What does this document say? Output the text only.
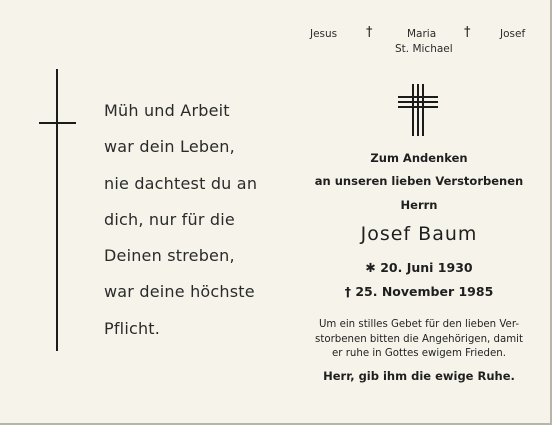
Müh und Arbeit
war dein Leben,
nie dachtest du an
dich, nur für die
Deinen streben,
war deine höchste
Pflicht.
Jesus †	Maria
St. Michael
†	Josef
Zum Andenken
an unseren lieben Verstorbenen
Herrn
Josef Baum
✱ 20. Juni 1930
† 25. November 1985
Um ein stilles Gebet für den lieben Ver-
storbenen bitten die Angehörigen, damit
er ruhe in Gottes ewigem Frieden.
Herr, gib ihm die ewige Ruhe.
